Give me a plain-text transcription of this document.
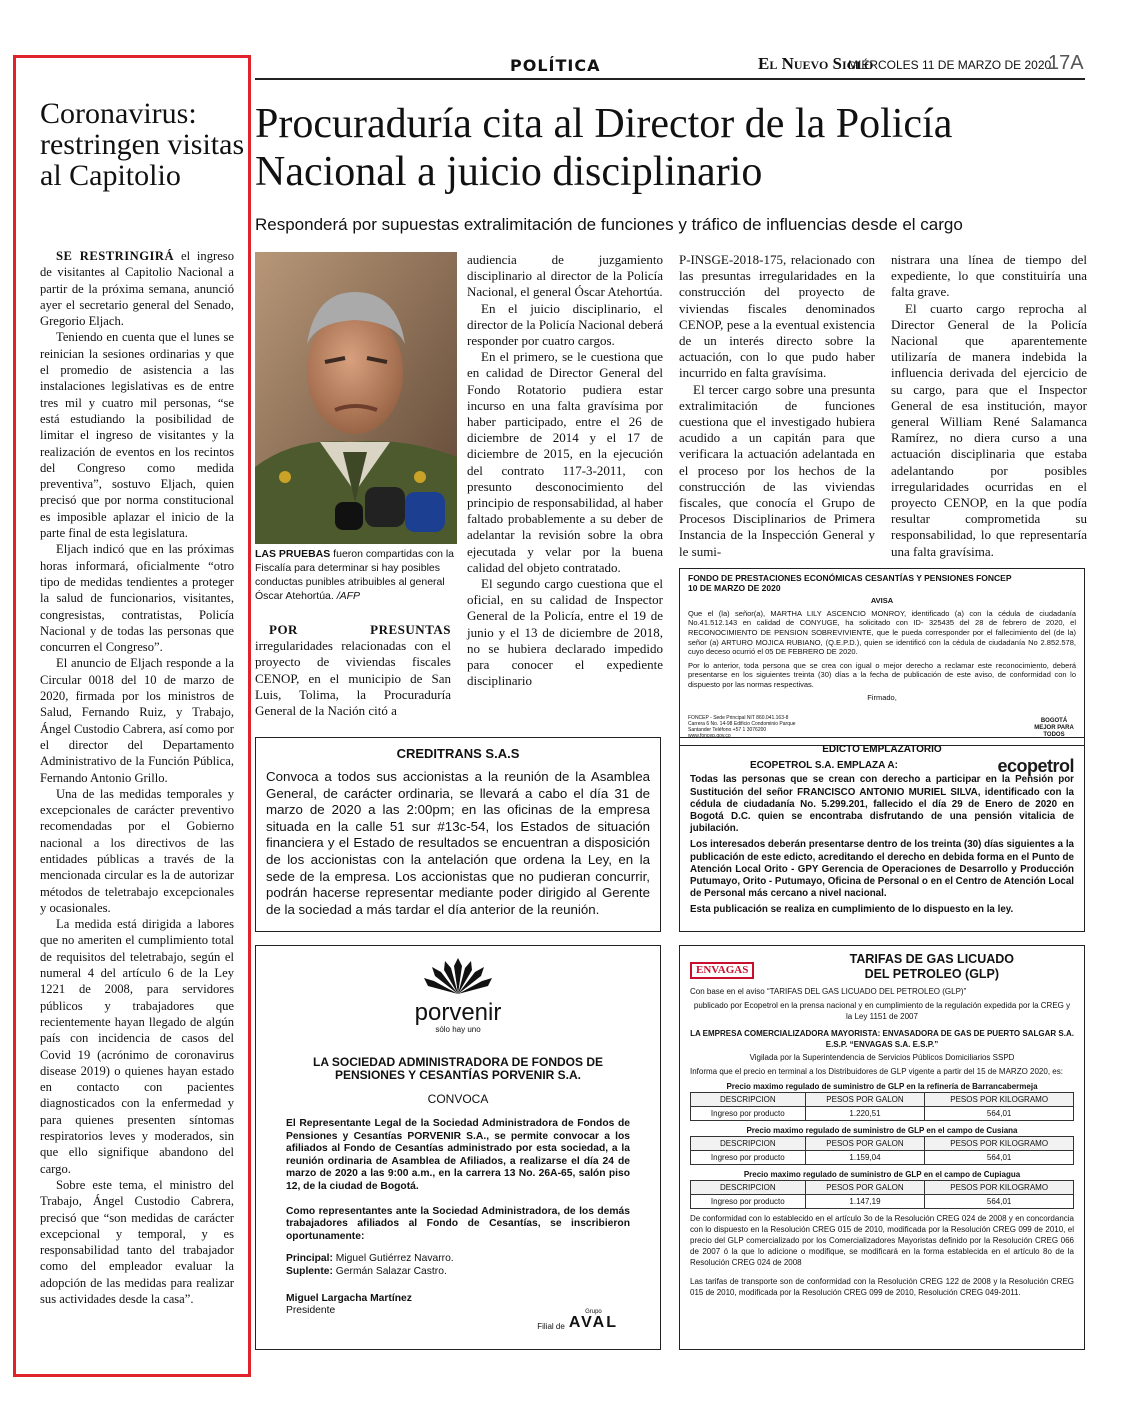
POLÍTICA	El Nuevo Siglo
MIÉRCOLES 11 DE MARZO DE 2020
17A
Coronavirus: restringen visitas al Capitolio

SE RESTRINGIRÁ el ingreso de visitantes al Capitolio Nacional a partir de la próxima semana, anunció ayer el secretario general del Senado, Gregorio Eljach.

Teniendo en cuenta que el lunes se reinician la sesiones ordinarias y que el promedio de asistencia a las instalaciones legislativas es de entre tres mil y cuatro mil personas, “se está estudiando la posibilidad de limitar el ingreso de visitantes y la realización de eventos en los recintos del Congreso como medida preventiva”, sostuvo Eljach, quien precisó que por norma constitucional es imposible aplazar el inicio de la parte final de esta legislatura.

Eljach indicó que en las próximas horas informará, oficialmente “otro tipo de medidas tendientes a proteger la salud de funcionarios, visitantes, congresistas, contratistas, Policía Nacional y de todas las personas que concurren el Congreso”.

El anuncio de Eljach responde a la Circular 0018 del 10 de marzo de 2020, firmada por los ministros de Salud, Fernando Ruiz, y Trabajo, Ángel Custodio Cabrera, así como por el director del Departamento Administrativo de la Función Pública, Fernando Antonio Grillo.

Una de las medidas temporales y excepcionales de carácter preventivo recomendadas por el Gobierno nacional a los directivos de las entidades públicas a través de la mencionada circular es la de autorizar métodos de teletrabajo excepcionales y ocasionales.

La medida está dirigida a labores que no ameriten el cumplimiento total de requisitos del teletrabajo, según el numeral 4 del artículo 6 de la Ley 1221 de 2008, para servidores públicos y trabajadores que recientemente hayan llegado de algún país con incidencia de casos del Covid 19 (acrónimo de coronavirus disease 2019) o quienes hayan estado en contacto con pacientes diagnosticados con la enfermedad y para quienes presenten síntomas respiratorios leves y moderados, sin que ello signifique abandono del cargo.

Sobre este tema, el ministro del Trabajo, Ángel Custodio Cabrera, precisó que “son medidas de carácter excepcional y temporal, y es responsabilidad tanto del trabajador como del empleador evaluar la adopción de las medidas para realizar sus actividades desde la casa”.

Procuraduría cita al Director de la Policía Nacional a juicio disciplinario
Responderá por supuestas extralimitación de funciones y tráfico de influencias desde el cargo
LAS PRUEBAS fueron compartidas con la Fiscalía para determinar si hay posibles conductas punibles atribuibles al general Óscar Atehortúa. /AFP

POR PRESUNTAS irregularidades relacionadas con el proyecto de viviendas fiscales CENOP, en el municipio de San Luis, Tolima, la Procuraduría General de la Nación citó a

audiencia de juzgamiento disciplinario al director de la Policía Nacional, el general Óscar Atehortúa.

En el juicio disciplinario, el director de la Policía Nacional deberá responder por cuatro cargos.

En el primero, se le cuestiona que en calidad de Director General del Fondo Rotatorio pudiera estar incurso en una falta gravísima por haber participado, entre el 26 de diciembre de 2014 y el 17 de diciembre de 2015, en la ejecución del contrato 117-3-2011, con presunto desconocimiento del principio de responsabilidad, al haber faltado probablemente a su deber de adelantar la revisión sobre la obra ejecutada y velar por la buena calidad del objeto contratado.

El segundo cargo cuestiona que el oficial, en su calidad de Inspector General de la Policía, entre el 19 de junio y el 13 de diciembre de 2018, no se hubiera declarado impedido para conocer el expediente disciplinario

P-INSGE-2018-175, relacionado con las presuntas irregularidades en la construcción del proyecto de viviendas fiscales denominados CENOP, pese a la eventual existencia de un interés directo sobre la actuación, con lo que pudo haber incurrido en falta gravísima.

El tercer cargo sobre una presunta extralimitación de funciones cuestiona que el investigado hubiera acudido a un capitán para que verificara la actuación adelantada en el proceso por los hechos de la construcción de las viviendas fiscales, que conocía el Grupo de Procesos Disciplinarios de Primera Instancia de la Inspección General y le sumi-

nistrara una línea de tiempo del expediente, lo que constituiría una falta grave.

El cuarto cargo reprocha al Director General de la Policía Nacional que aparentemente utilizaría de manera indebida la influencia derivada del ejercicio de su cargo, para que el Inspector General de esa institución, mayor general William René Salamanca Ramírez, no diera curso a una actuación disciplinaria que estaba adelantando por posibles irregularidades ocurridas en el proyecto CENOP, en la que podía resultar comprometida su responsabilidad, lo que representaría una falta gravísima.

FONDO DE PRESTACIONES ECONÓMICAS CESANTÍAS Y PENSIONES FONCEP
10 DE MARZO DE 2020
AVISA

Que el (la) señor(a), MARTHA LILY ASCENCIO MONROY, identificado (a) con la cédula de ciudadanía No.41.512.143 en calidad de CONYUGE, ha solicitado con ID- 325435 del 28 de febrero de 2020, el RECONOCIMIENTO DE PENSION SOBREVIVIENTE, que le pueda corresponder por el fallecimiento del (de la) señor (a) ARTURO MOJICA RUBIANO, (Q.E.P.D.), quien se identificó con la cédula de ciudadanía No 2.852.578, cuyo deceso ocurrió el 05 DE FEBRERO DE 2020.

Por lo anterior, toda persona que se crea con igual o mejor derecho a reclamar este reconocimiento, deberá presentarse en los siguientes treinta (30) días a la fecha de publicación de este aviso, de conformidad con lo dispuesto por las normas respectivas.

Firmado,
FONCEP - Sede Principal NIT 860.041.163-8 Carrera 6 No. 14-98 Edificio Condominio Parque Santander Teléfono +57 1 3076200 www.foncep.gov.co
BOGOTÁ MEJOR PARA TODOS
CREDITRANS S.A.S

Convoca a todos sus accionistas a la reunión de la Asamblea General, de carácter ordinaria, se llevará a cabo el día 31 de marzo de 2020 a las 2:00pm; en las oficinas de la empresa situada en la calle 51 sur #13c-54, los Estados de situación financiera y el Estado de resultados se encuentran a disposición de los accionistas con la antelación que ordena la Ley, en la sede de la empresa. Los accionistas que no pudieran concurrir, podrán hacerse representar mediante poder dirigido al Gerente de la sociedad a más tardar el día anterior de la reunión.

EDICTO EMPLAZATORIO
ECOPETROL S.A. EMPLAZA A:	ecopetrol

Todas las personas que se crean con derecho a participar en la Pensión por Sustitución del señor FRANCISCO ANTONIO MURIEL SILVA, identificado con la cédula de ciudadanía No. 5.299.201, fallecido el día 29 de Enero de 2020 en Bogotá D.C. quien se encontraba disfrutando de una pensión vitalicia de jubilación.

Los interesados deberán presentarse dentro de los treinta (30) días siguientes a la publicación de este edicto, acreditando el derecho en debida forma en el Punto de Atención Local Orito - GPY Gerencia de Operaciones de Desarrollo y Producción Putumayo, Orito - Putumayo, Oficina de Personal o en el Centro de Atención Local de Personal más cercano a nivel nacional.

Esta publicación se realiza en cumplimiento de lo dispuesto en la ley.

porvenir
sólo hay uno
LA SOCIEDAD ADMINISTRADORA DE FONDOS DE PENSIONES Y CESANTÍAS PORVENIR S.A.
CONVOCA

El Representante Legal de la Sociedad Administradora de Fondos de Pensiones y Cesantías PORVENIR S.A., se permite convocar a los afiliados al Fondo de Cesantías administrado por esta sociedad, a la reunión ordinaria de Asamblea de Afiliados, a realizarse el día 24 de marzo de 2020 a las 9:00 a.m., en la carrera 13 No. 26A-65, salón piso 12, de la ciudad de Bogotá.

Como representantes ante la Sociedad Administradora, de los demás trabajadores afiliados al Fondo de Cesantías, se inscribieron oportunamente:

Principal: Miguel Gutiérrez Navarro.
Suplente: Germán Salazar Castro.
Miguel Largacha Martínez
Presidente
Filial de
Grupo
AVAL
ENVAGAS
TARIFAS DE GAS LICUADO
DEL PETROLEO (GLP)
Con base en el aviso “TARIFAS DEL GAS LICUADO DEL PETROLEO (GLP)”
publicado por Ecopetrol en la prensa nacional y en cumplimiento de la regulación expedida por la CREG y la Ley 1151 de 2007
LA EMPRESA COMERCIALIZADORA MAYORISTA: ENVASADORA DE GAS DE PUERTO SALGAR S.A. E.S.P. “ENVAGAS S.A. E.S.P.”
Vigilada por la Superintendencia de Servicios Públicos Domiciliarios SSPD
Informa que el precio en terminal a los Distribuidores de GLP vigente a partir del 15 de MARZO 2020, es:
Precio maximo regulado de suministro de GLP en la refinería de Barrancabermeja
DESCRIPCION	PESOS POR GALON	PESOS POR KILOGRAMO
Ingreso por producto	1.220,51	564,01
Precio maximo regulado de suministro de GLP en el campo de Cusiana
DESCRIPCION	PESOS POR GALON	PESOS POR KILOGRAMO
Ingreso por producto	1.159,04	564,01
Precio maximo regulado de suministro de GLP en el campo de Cupiagua
DESCRIPCION	PESOS POR GALON	PESOS POR KILOGRAMO
Ingreso por producto	1.147,19	564,01

De conformidad con lo establecido en el artículo 3o de la Resolución CREG 024 de 2008 y en concordancia con lo dispuesto en la Resolución CREG 015 de 2010, modificada por la Resolución CREG 099 de 2010, el precio del GLP comercializado por los Comercializadores Mayoristas definido por la Resolución CREG 066 de 2007 ó la que lo adicione o modifique, se modificará en la forma establecida en el artículo 8o de la Resolución CREG 024 de 2008

Las tarifas de transporte son de conformidad con la Resolución CREG 122 de 2008 y la Resolución CREG 015 de 2010, modificada por la Resolución CREG 099 de 2010, Resolución CREG 049-2011.
